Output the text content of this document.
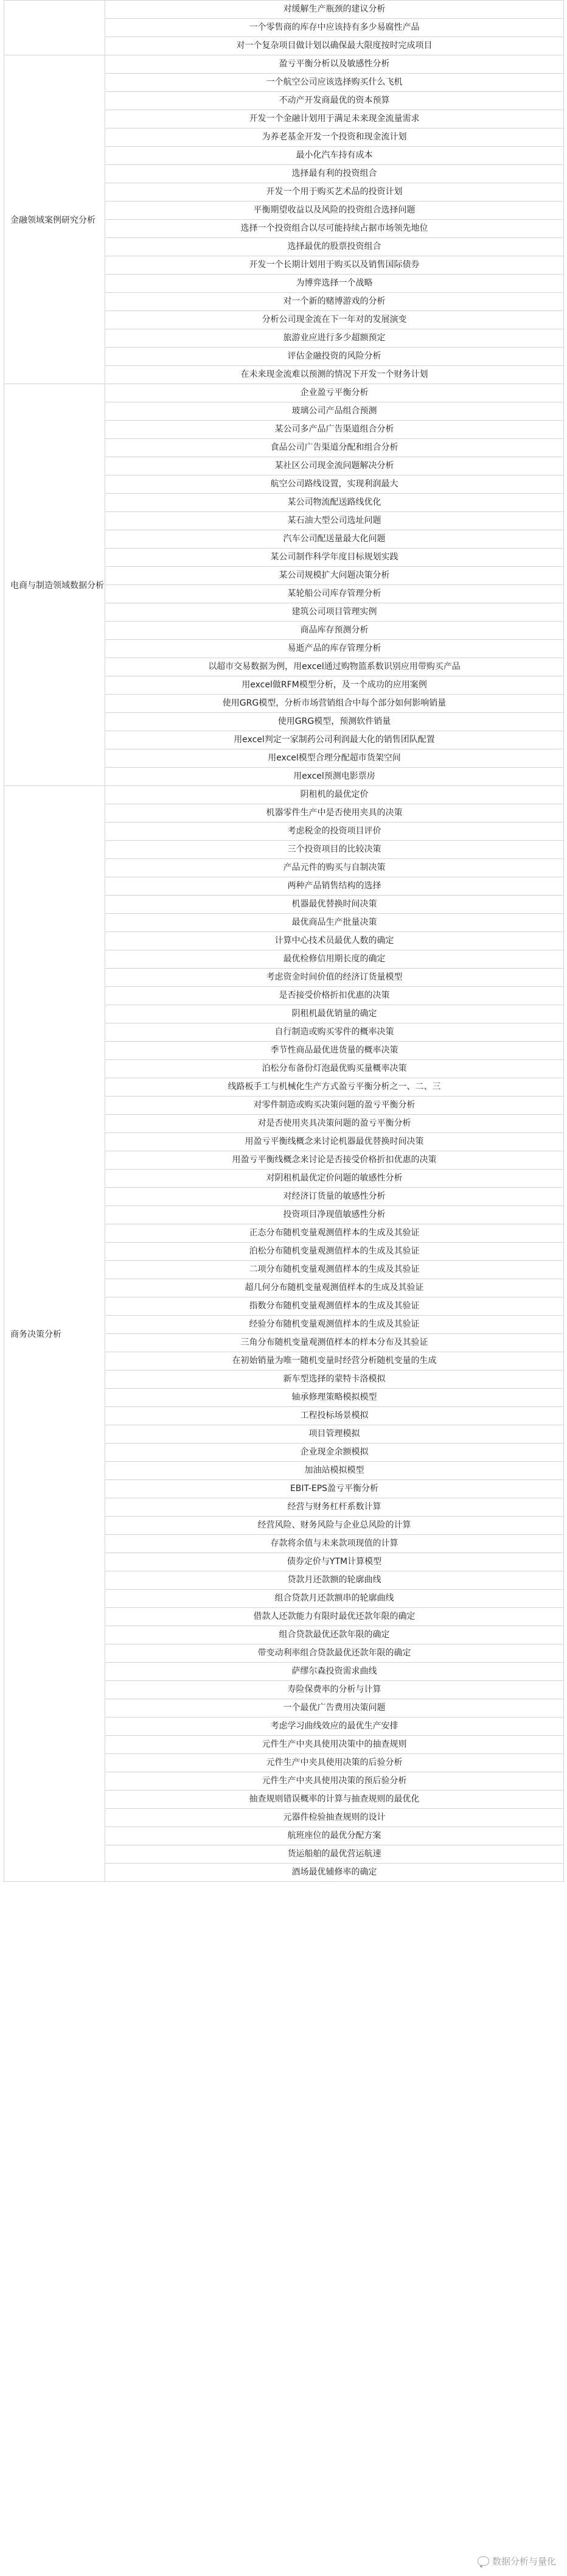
	对缓解生产瓶颈的建议分析
	一个零售商的库存中应该持有多少易腐性产品
	对一个复杂项目做计划以确保最大限度按时完成项目
金融领域案例研究分析	盈亏平衡分析以及敏感性分析
	一个航空公司应该选择购买什么飞机
	不动产开发商最优的资本预算
	开发一个金融计划用于满足未来现金流量需求
	为养老基金开发一个投资和现金流计划
	最小化汽车持有成本
	选择最有利的投资组合
	开发一个用于购买艺术品的投资计划
	平衡期望收益以及风险的投资组合选择问题
	选择一个投资组合以尽可能持续占据市场领先地位
	选择最优的股票投资组合
	开发一个长期计划用于购买以及销售国际债券
	为博弈选择一个战略
	对一个新的赌博游戏的分析
	分析公司现金流在下一年对的发展演变
	旅游业应进行多少超额预定
	评估金融投资的风险分析
	在未来现金流难以预测的情况下开发一个财务计划
电商与制造领域数据分析	企业盈亏平衡分析
	玻璃公司产品组合预测
	某公司多产品广告渠道组合分析
	食品公司广告渠道分配和组合分析
	某社区公司现金流问题解决分析
	航空公司路线设置，实现利润最大
	某公司物流配送路线优化
	某石油大型公司选址问题
	汽车公司配送量最大化问题
	某公司制作科学年度目标规划实践
	某公司规模扩大问题决策分析
	某轮船公司库存管理分析
	建筑公司项目管理实例
	商品库存预测分析
	易逝产品的库存管理分析
	以超市交易数据为例，用excel通过购物篮系数识别应用带购买产品
	用excel做RFM模型分析，及一个成功的应用案例
	使用GRG模型，分析市场营销组合中每个部分如何影响销量
	使用GRG模型，预测软件销量
	用excel判定一家制药公司利润最大化的销售团队配置
	用excel模型合理分配超市货架空间
	用excel预测电影票房
商务决策分析	阴租机的最优定价
	机器零件生产中是否使用夹具的决策
	考虑税金的投资项目评价
	三个投资项目的比较决策
	产品元件的购买与自制决策
	两种产品销售结构的选择
	机器最优替换时间决策
	最优商品生产批量决策
	计算中心技术员最优人数的确定
	最优检修信用期长度的确定
	考虑资金时间价值的经济订货量模型
	是否接受价格折扣优惠的决策
	阴租机最优销量的确定
	自行制造或购买零件的概率决策
	季节性商品最优进货量的概率决策
	泊松分布备份灯泡最优购买量概率决策
	线路板手工与机械化生产方式盈亏平衡分析之一、二、三
	对零件制造或购买决策问题的盈亏平衡分析
	对是否使用夹具决策问题的盈亏平衡分析
	用盈亏平衡线概念来讨论机器最优替换时间决策
	用盈亏平衡线概念来讨论是否接受价格折扣优惠的决策
	对阴租机最优定价问题的敏感性分析
	对经济订货量的敏感性分析
	投资项目净现值敏感性分析
	正态分布随机变量观测值样本的生成及其验证
	泊松分布随机变量观测值样本的生成及其验证
	二项分布随机变量观测值样本的生成及其验证
	超几何分布随机变量观测值样本的生成及其验证
	指数分布随机变量观测值样本的生成及其验证
	经验分布随机变量观测值样本的生成及其验证
	三角分布随机变量观测值样本的样本分布及其验证
	在初始销量为唯一随机变量时经营分析随机变量的生成
	新车型选择的蒙特卡洛模拟
	轴承修理策略模拟模型
	工程投标场景模拟
	项目管理模拟
	企业现金余额模拟
	加油站模拟模型
	EBIT-EPS盈亏平衡分析
	经营与财务杠杆系数计算
	经营风险、财务风险与企业总风险的计算
	存款将余值与未来款项现值的计算
	债券定价与YTM计算模型
	贷款月还款额的轮廓曲线
	组合贷款月还款额串的轮廓曲线
	借款人还款能力有限时最优还款年限的确定
	组合贷款最优还款年限的确定
	带变动利率组合贷款最优还款年限的确定
	萨缪尔森投资需求曲线
	寿险保费率的分析与计算
	一个最优广告费用决策问题
	考虑学习曲线效应的最优生产安排
	元件生产中夹具使用决策中的抽查规则
	元件生产中夹具使用决策的后验分析
	元件生产中夹具使用决策的预后验分析
	抽查规则错误概率的计算与抽查规则的最优化
	元器件检验抽查规则的设计
	航班座位的最优分配方案
	货运船舶的最优营运航速
	酒场最优辅修率的确定
数据分析与量化
